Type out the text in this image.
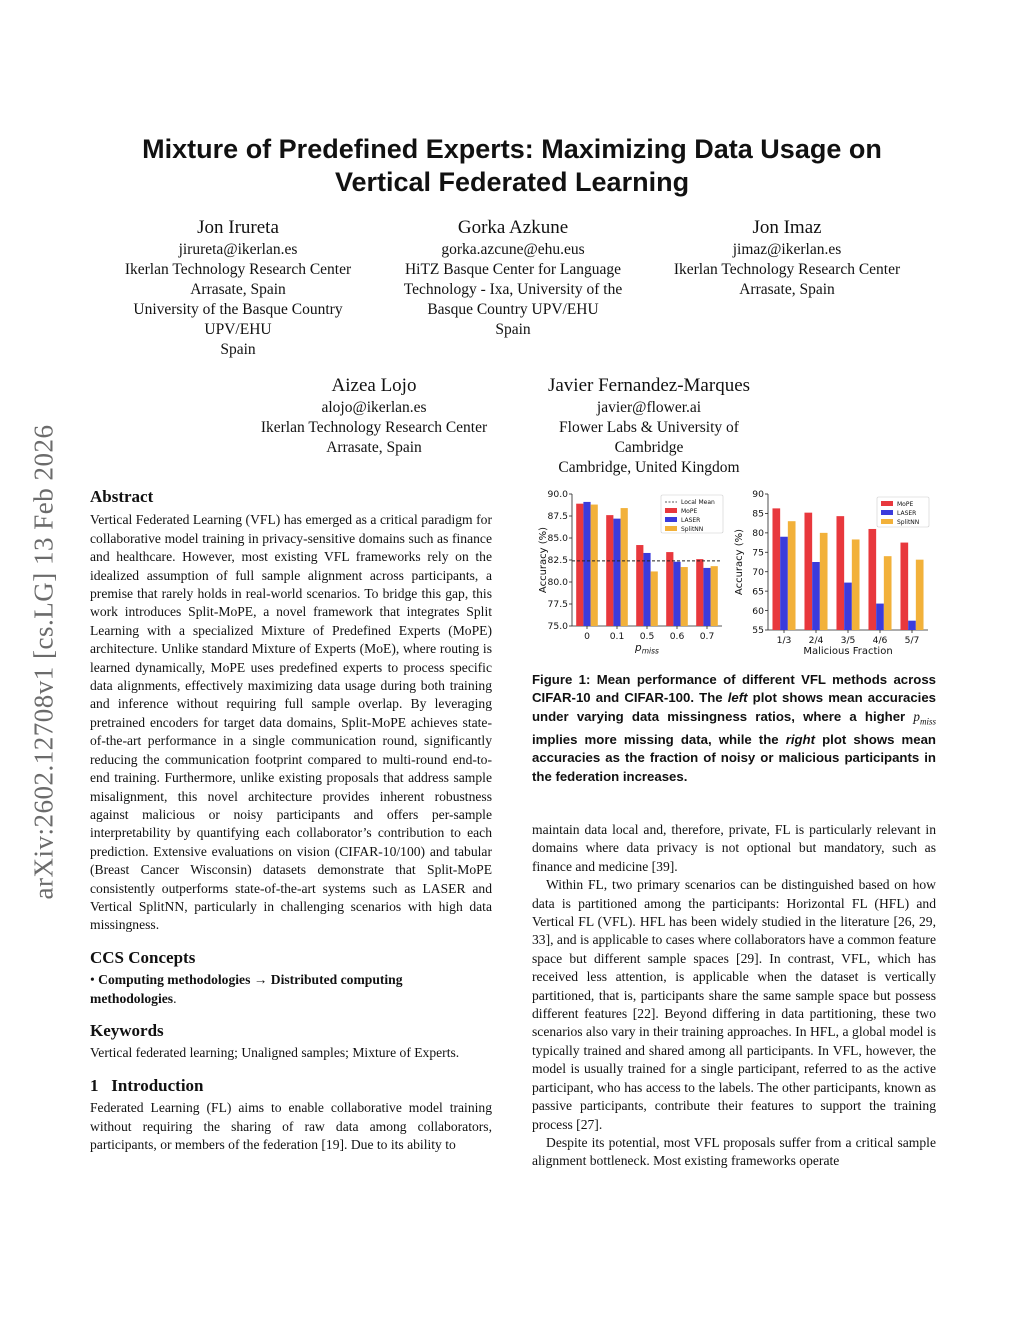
arXiv:2602.12708v1 [cs.LG] 13 Feb 2026
Mixture of Predefined Experts: Maximizing Data Usage on
Vertical Federated Learning
Jon Irureta
jirureta@ikerlan.es
Ikerlan Technology Research Center
Arrasate, Spain
University of the Basque Country
UPV/EHU
Spain
Gorka Azkune
gorka.azcune@ehu.eus
HiTZ Basque Center for Language
Technology - Ixa, University of the
Basque Country UPV/EHU
Spain
Jon Imaz
jimaz@ikerlan.es
Ikerlan Technology Research Center
Arrasate, Spain
Aizea Lojo
alojo@ikerlan.es
Ikerlan Technology Research Center
Arrasate, Spain
Javier Fernandez-Marques
javier@flower.ai
Flower Labs & University of
Cambridge
Cambridge, United Kingdom
Abstract

Vertical Federated Learning (VFL) has emerged as a critical paradigm for collaborative model training in privacy-sensitive domains such as finance and healthcare. However, most existing VFL frameworks rely on the idealized assumption of full sample alignment across participants, a premise that rarely holds in real-world scenarios. To bridge this gap, this work introduces Split-MoPE, a novel framework that integrates Split Learning with a specialized Mixture of Predefined Experts (MoPE) architecture. Unlike standard Mixture of Experts (MoE), where routing is learned dynamically, MoPE uses predefined experts to process specific data alignments, effectively maximizing data usage during both training and inference without requiring full sample overlap. By leveraging pretrained encoders for target data domains, Split-MoPE achieves state-of-the-art performance in a single communication round, significantly reducing the communication footprint compared to multi-round end-to-end training. Furthermore, unlike existing proposals that address sample misalignment, this novel architecture provides inherent robustness against malicious or noisy participants and offers per-sample interpretability by quantifying each collaborator’s contribution to each prediction. Extensive evaluations on vision (CIFAR-10/100) and tabular (Breast Cancer Wisconsin) datasets demonstrate that Split-MoPE consistently outperforms state-of-the-art systems such as LASER and Vertical SplitNN, particularly in challenging scenarios with high data missingness.

CCS Concepts

• Computing methodologies → Distributed computing methodologies.

Keywords

Vertical federated learning; Unaligned samples; Mixture of Experts.

1 Introduction

Federated Learning (FL) aims to enable collaborative model training without requiring the sharing of raw data among collaborators, participants, or members of the federation [19]. Due to its ability to

75.0
77.5
80.0
82.5
85.0
87.5
90.0
Accuracy (%)
0 0.1 0.5 0.6 0.7
$p_{miss}$
Local Mean
MoPE
LASER
SplitNN
55
60
65
70
75
80
85
90
Accuracy (%)
1/3 2/4 3/5 4/6 5/7
Malicious Fraction
MoPE
LASER
SplitNN
Figure 1: Mean performance of different VFL methods across CIFAR-10 and CIFAR-100. The left plot shows mean accuracies under varying data missingness ratios, where a higher $p_{miss}$ implies more missing data, while the right plot shows mean accuracies as the fraction of noisy or malicious participants in the federation increases.

maintain data local and, therefore, private, FL is particularly relevant in domains where data privacy is not optional but mandatory, such as finance and medicine [39].

Within FL, two primary scenarios can be distinguished based on how data is partitioned among the participants: Horizontal FL (HFL) and Vertical FL (VFL). HFL has been widely studied in the literature [26, 29, 33], and is applicable to cases where collaborators have a common feature space but different sample spaces [29]. In contrast, VFL, which has received less attention, is applicable when the dataset is vertically partitioned, that is, participants share the same sample space but possess different features [22]. Beyond differing in data partitioning, these two scenarios also vary in their training approaches. In HFL, a global model is typically trained and shared among all participants. In VFL, however, the model is usually trained for a single participant, referred to as the active participant, who has access to the labels. The other participants, known as passive participants, contribute their features to support the training process [27].

Despite its potential, most VFL proposals suffer from a critical sample alignment bottleneck. Most existing frameworks operate
